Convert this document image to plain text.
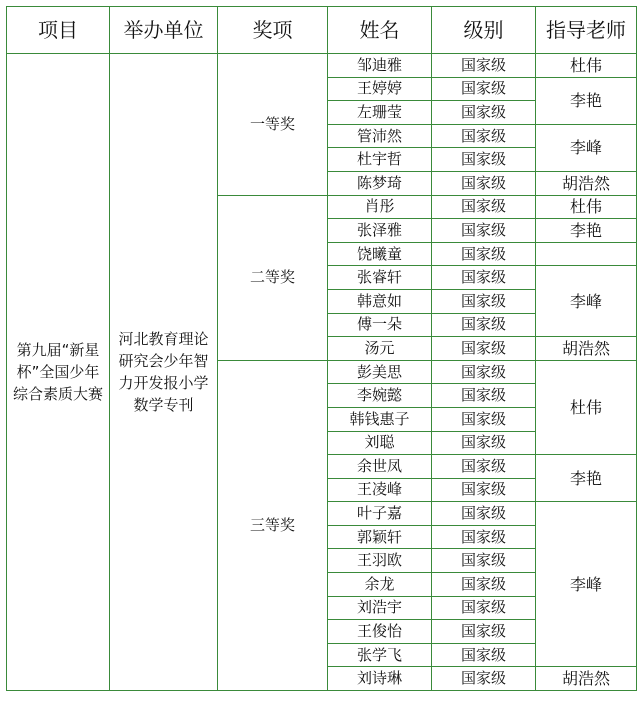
项目	举办单位	奖项	姓名	级别	指导老师

第九届“新星杯”全国少年综合素质大赛	河北教育理论研究会少年智力开发报小学数学专刊	一等奖	邹迪雅	国家级	杜伟
			王婷婷	国家级	李艳
			左珊莹	国家级	
			管沛然	国家级	李峰
			杜宇哲	国家级	
			陈梦琦	国家级	胡浩然
		二等奖	肖彤	国家级	杜伟
			张泽雅	国家级	李艳
			饶曦童	国家级	
			张睿轩	国家级	李峰
			韩意如	国家级	
			傅一朵	国家级	
			汤元	国家级	胡浩然
		三等奖	彭美思	国家级	杜伟
			李婉懿	国家级	
			韩钱惠子	国家级	
			刘聪	国家级	
			余世凤	国家级	李艳
			王凌峰	国家级	
			叶子嘉	国家级	李峰
			郭颖轩	国家级	
			王羽欧	国家级	
			余龙	国家级	
			刘浩宇	国家级	
			王俊怡	国家级	
			张学飞	国家级	
			刘诗琳	国家级	胡浩然
